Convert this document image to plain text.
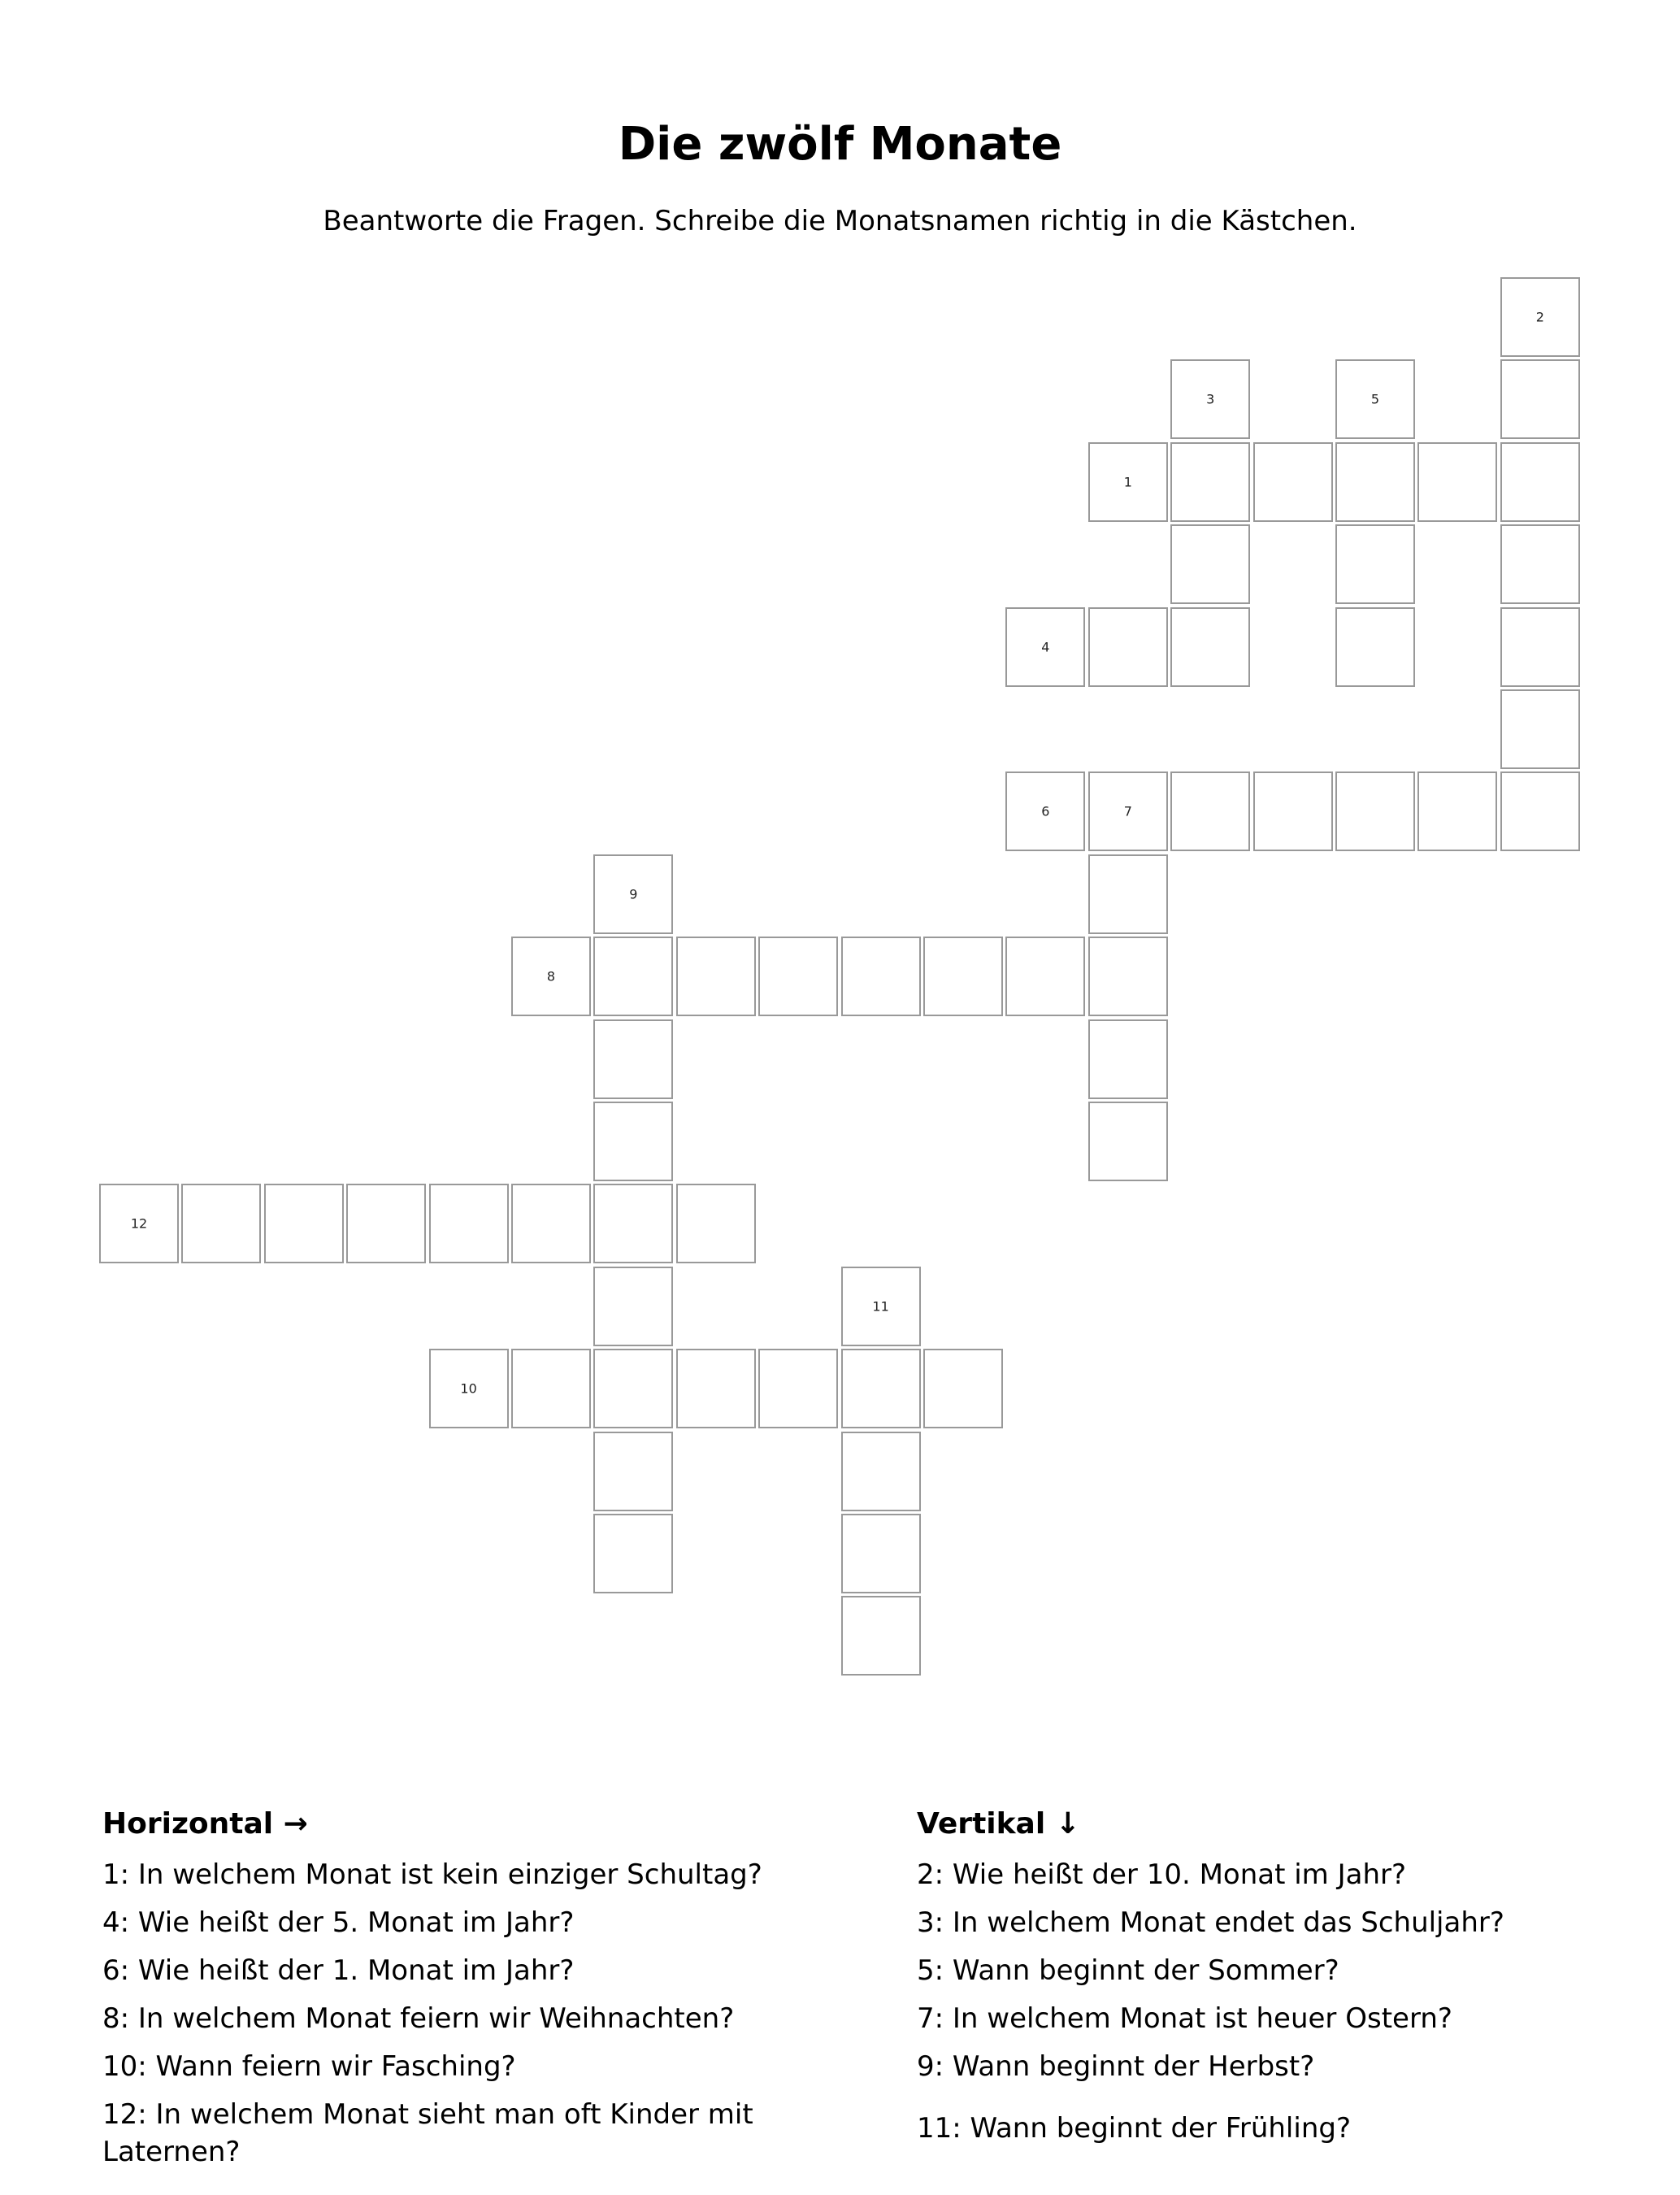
Die zwölf Monate
Beantworte die Fragen. Schreibe die Monatsnamen richtig in die Kästchen.
1
2
3
4
5
6	7
8
9
10
11
12
Horizontal →
1: In welchem Monat ist kein einziger Schultag?
4: Wie heißt der 5. Monat im Jahr?
6: Wie heißt der 1. Monat im Jahr?
8: In welchem Monat feiern wir Weihnachten?
10: Wann feiern wir Fasching?
12: In welchem Monat sieht man oft Kinder mit Laternen?
Vertikal ↓
2: Wie heißt der 10. Monat im Jahr?
3: In welchem Monat endet das Schuljahr?
5: Wann beginnt der Sommer?
7: In welchem Monat ist heuer Ostern?
9: Wann beginnt der Herbst?
11: Wann beginnt der Frühling?
